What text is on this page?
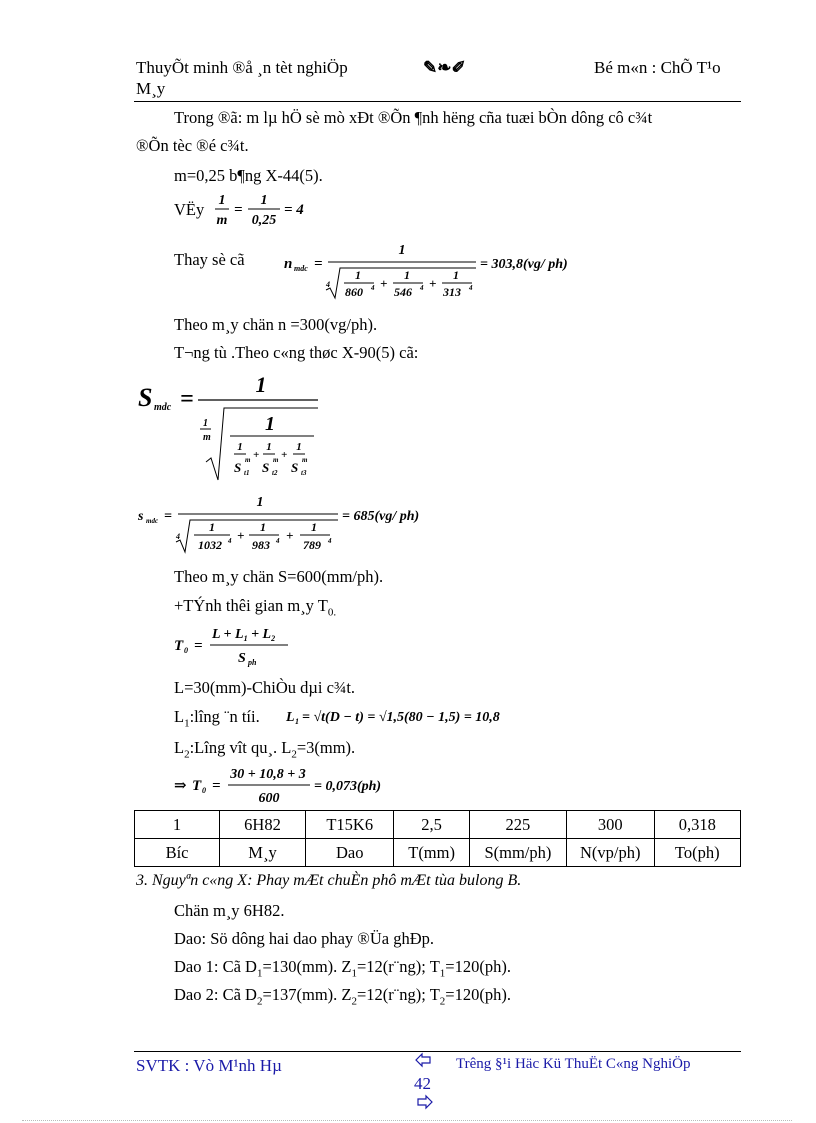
ThuyÕt minh ®å ¸n tèt nghiÖp
M¸y
✎❧✐	Bé m«n : ChÕ T¹o
Trong ®ã: m lµ hÖ sè mò xÐt ®Õn ¶nh hëng cña tuæi bÒn dông cô c¾t
®Õn tèc ®é c¾t.
m=0,25 b¶ng X-44(5).
VËy 1
m
=
1
0,25
= 4
Thay sè cã	n mdc =
1
4
1
860 4 +
1
546 4 +
1
313 4
= 303,8(vg/ ph)
Theo m¸y chän n =300(vg/ph).
T¬ng tù .Theo c«ng thøc X-90(5) cã:
S mdc =
1
1
m
1
1
S t1
m +
1
S t2
m +
1
S t3
m
s mdc =
1
4
1
1032 4 +
1
983 4 +
1
789 4
= 685(vg/ ph)
Theo m¸y chän S=600(mm/ph).
+TÝnh thêi gian m¸y $T_{0.}$
T 0 =
$L + L_1 + L_2$
S ph
L=30(mm)-ChiÒu dµi c¾t.
$L_1:lîng$ ¨n tíi. L 1 = √t(D − t) = √1,5(80 − 1,5) = 10,8
$L_2:Lîng$ vît qu¸. $L_2=3(mm)$.
⇒ T 0 =
30 + 10,8 + 3
600
= 0,073(ph)
1	6H82	T15K6	2,5	225	300	0,318
Bíc	M¸y	Dao	T(mm)	S(mm/ph)	N(vp/ph)	To(ph)
3. Nguyªn c«ng X: Phay mÆt chuÈn phô mÆt tùa bulong B.
Chän m¸y 6H82.
Dao: Sö dông hai dao phay ®Üa ghÐp.
Dao 1: Cã $D_1=130(mm)$. $Z_1=12(r¨ng)$; $T_1=120(ph)$.
Dao 2: Cã $D_2=137(mm)$. $Z_2=12(r¨ng)$; $T_2=120(ph)$.
SVTK : Vò M¹nh Hµ
42
Trêng §¹i Häc Kü ThuËt C«ng NghiÖp
